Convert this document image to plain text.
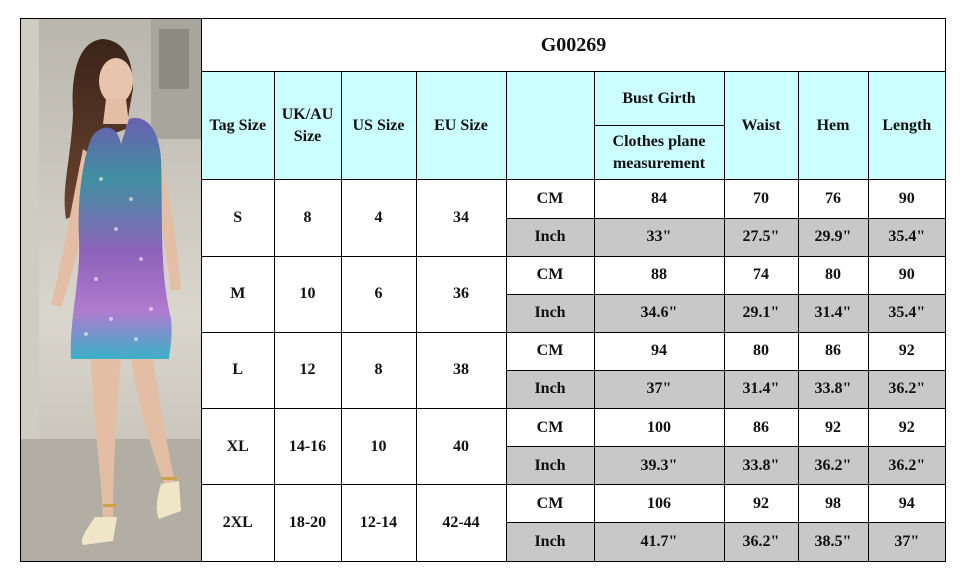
G00269								
Tag Size	UK/AU
Size	US Size	EU Size		Bust Girth	Waist	Hem	Length
					Clothes plane
measurement			
S	8	4	34	CM	84	70	76	90
				Inch	33"	27.5"	29.9"	35.4"
M	10	6	36	CM	88	74	80	90
				Inch	34.6"	29.1"	31.4"	35.4"
L	12	8	38	CM	94	80	86	92
				Inch	37"	31.4"	33.8"	36.2"
XL	14-16	10	40	CM	100	86	92	92
				Inch	39.3"	33.8"	36.2"	36.2"
2XL	18-20	12-14	42-44	CM	106	92	98	94
				Inch	41.7"	36.2"	38.5"	37"
